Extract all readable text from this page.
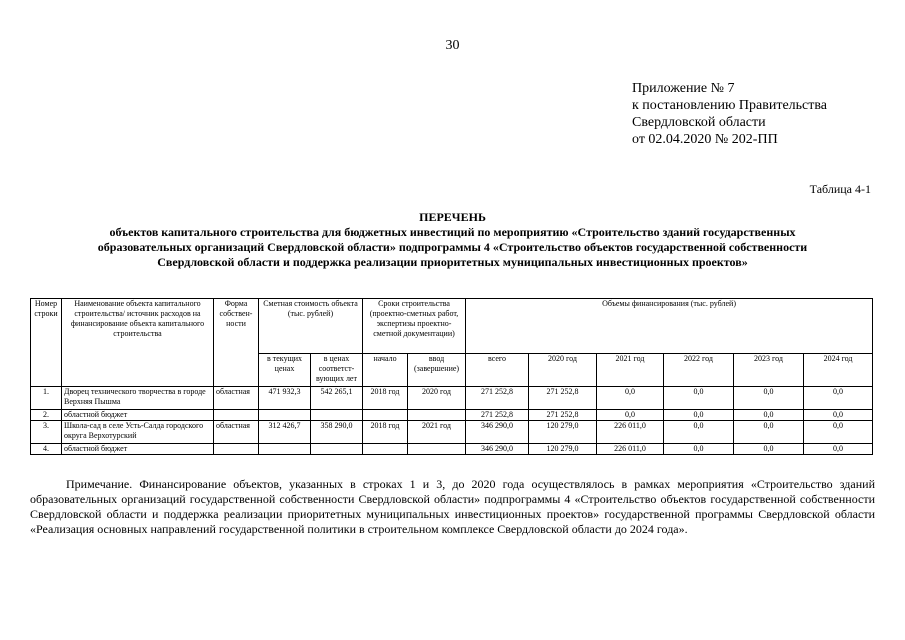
30
Приложение № 7
к постановлению Правительства
Свердловской области
от 02.04.2020 № 202-ПП
Таблица 4-1
ПЕРЕЧЕНЬ
объектов капитального строительства для бюджетных инвестиций по мероприятию «Строительство зданий государственных
образовательных организаций Свердловской области» подпрограммы 4 «Строительство объектов государственной собственности
Свердловской области и поддержка реализации приоритетных муниципальных инвестиционных проектов»
Номер строки	Наименование объекта капитального строительства/ источник расходов на финансирование объекта капитального строительства	Форма собствен-ности	Сметная стоимость объекта (тыс. рублей)		Сроки строительства (проектно-сметных работ, экспертизы проектно-сметной документации)		Объемы финансирования (тыс. рублей)					
			в текущих ценах	в ценах соответст-вующих лет	начало	ввод (завершение)	всего	2020 год	2021 год	2022 год	2023 год	2024 год
1.	Дворец технического творчества в городе Верхняя Пышма	областная	471 932,3	542 265,1	2018 год	2020 год	271 252,8	271 252,8	0,0	0,0	0,0	0,0
2.	областной бюджет						271 252,8	271 252,8	0,0	0,0	0,0	0,0
3.	Школа-сад в селе Усть-Салда городского округа Верхотурский	областная	312 426,7	358 290,0	2018 год	2021 год	346 290,0	120 279,0	226 011,0	0,0	0,0	0,0
4.	областной бюджет						346 290,0	120 279,0	226 011,0	0,0	0,0	0,0
Примечание. Финансирование объектов, указанных в строках 1 и 3, до 2020 года осуществлялось в рамках мероприятия «Строительство зданий образовательных организаций государственной собственности Свердловской области» подпрограммы 4 «Строительство объектов государственной собственности Свердловской области и поддержка реализации приоритетных муниципальных инвестиционных проектов» государственной программы Свердловской области «Реализация основных направлений государственной политики в строительном комплексе Свердловской области до 2024 года».
